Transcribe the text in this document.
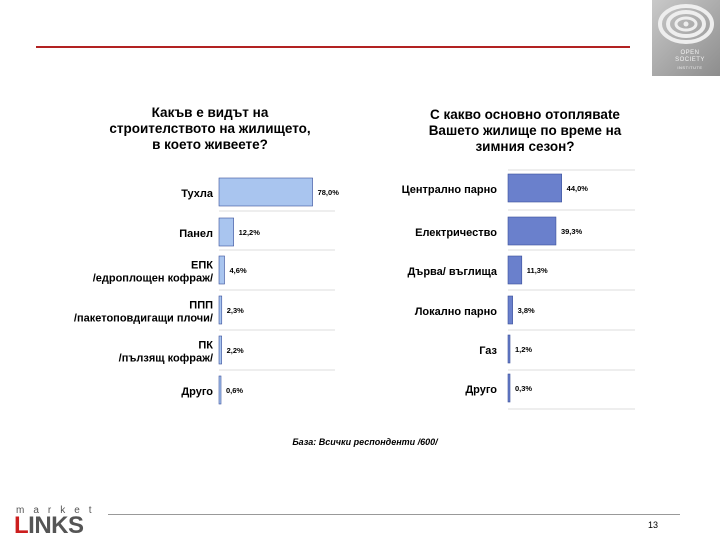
OPEN
SOCIETY
INSTITUTE
Какъв е видът на
строителството на жилището,
в което живеете?
С какво основно отопляваte
Вашето жилище по време на
зимния сезон?
78,0%
Тухла
12,2%
Панел
4,6%
ЕПК
/едроплощен кофраж/
2,3%
ППП
/пакетоповдигащи плочи/
2,2%
ПК
/пълзящ кофраж/
0,6%
Друго
44,0%
Централно парно
39,3%
Електричество
11,3%
Дърва/ въглища
3,8%
Локално парно
1,2%
Газ
0,3%
Друго
База: Всички респонденти /600/
market
LINKS	13
